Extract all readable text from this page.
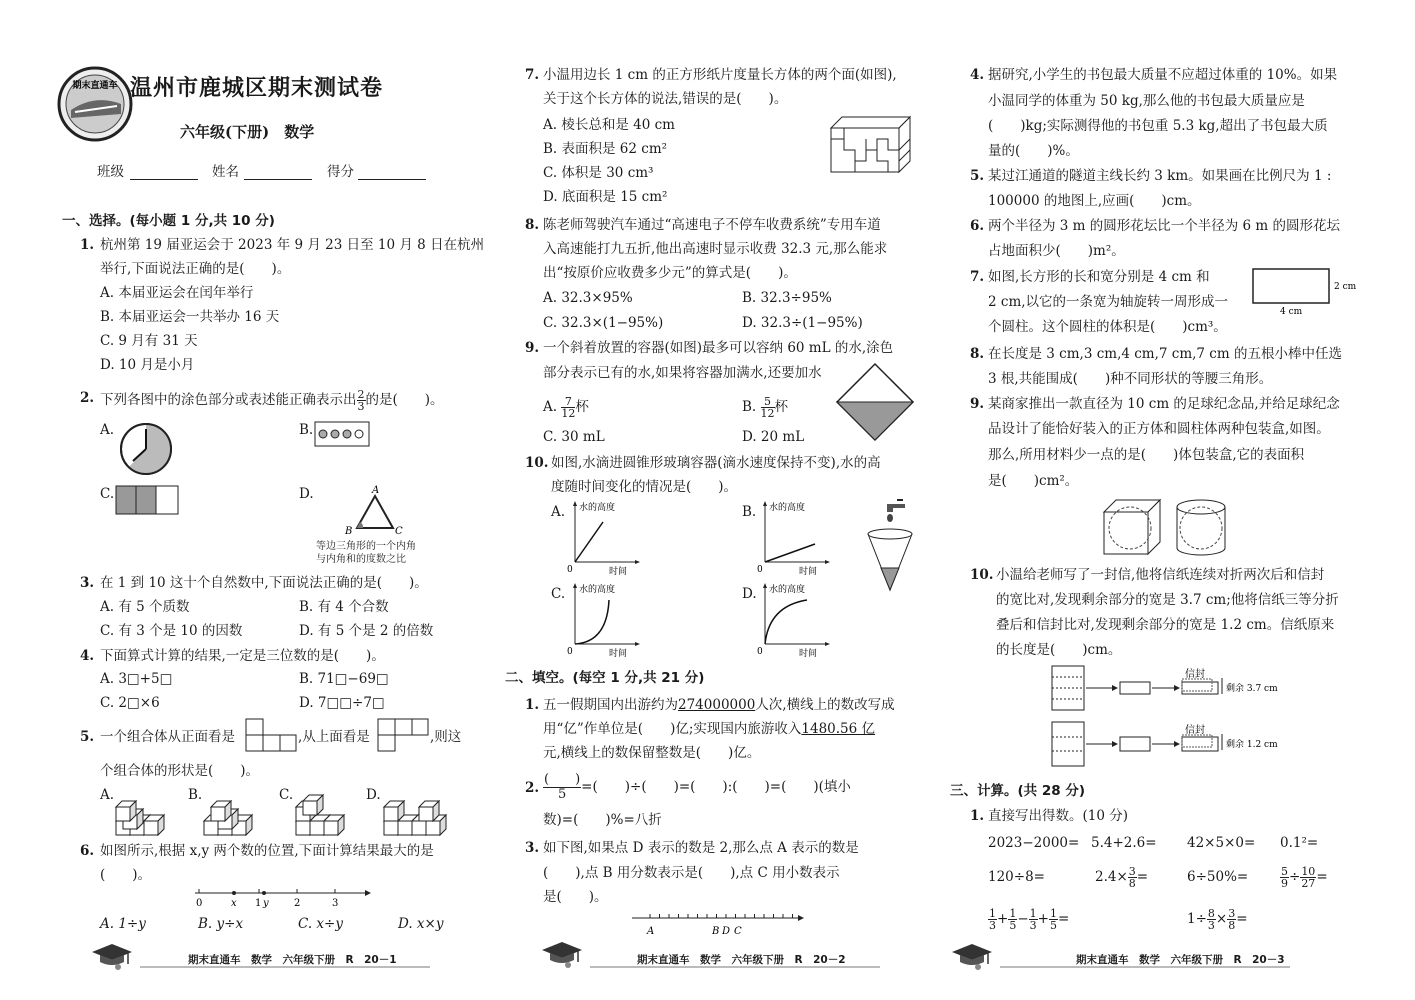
期末直通车 温州市鹿城区期末测试卷
六年级(下册)　数学
班级	姓名	得分
一、选择。(每小题 1 分,共 10 分)
1. 杭州第 19 届亚运会于 2023 年 9 月 23 日至 10 月 8 日在杭州
举行,下面说法正确的是(　　)。
A. 本届亚运会在闰年举行
B. 本届亚运会一共举办 16 天
C. 9 月有 31 天
D. 10 月是小月
2. 下列各图中的涂色部分或表述能正确表示出 $\frac{2}{3}$ 的是(　　)。
A.	B.
C.	D.	A
B	C
等边三角形的一个内角
与内角和的度数之比
3. 在 1 到 10 这十个自然数中,下面说法正确的是(　　)。
A. 有 5 个质数	B. 有 4 个合数
C. 有 3 个是 10 的因数	D. 有 5 个是 2 的倍数
4. 下面算式计算的结果,一定是三位数的是(　　)。
A. 3□+5□	B. 71□−69□
C. 2□×6	D. 7□□÷7□
5. 一个组合体从正面看是	,从上面看是	,则这
个组合体的形状是(　　)。
A.	B.	C.	D.
6. 如图所示,根据 x,y 两个数的位置,下面计算结果最大的是
(　　)。
0	x 1 y	2	3
A. 1÷y	B. y÷x	C. x÷y	D. x×y
期末直通车　数学　六年级下册　R　20－1
7. 小温用边长 1 cm 的正方形纸片度量长方体的两个面(如图),
关于这个长方体的说法,错误的是(　　)。
A. 棱长总和是 40 cm
B. 表面积是 62 cm²
C. 体积是 30 cm³
D. 底面积是 15 cm²
8. 陈老师驾驶汽车通过“高速电子不停车收费系统”专用车道
入高速能打九五折,他出高速时显示收费 32.3 元,那么能求
出“按原价应收费多少元”的算式是(　　)。
A. 32.3×95%	B. 32.3÷95%
C. 32.3×(1−95%)	D. 32.3÷(1−95%)
9. 一个斜着放置的容器(如图)最多可以容纳 60 mL 的水,涂色
部分表示已有的水,如果将容器加满水,还要加水
A. $\frac{7}{12}$ 杯	B. $\frac{5}{12}$ 杯
C. 30 mL	D. 20 mL
10. 如图,水滴进圆锥形玻璃容器(滴水速度保持不变),水的高
度随时间变化的情况是(　　)。
A.	B.
C.	D.
水的高度
时间
0
水的高度
时间
0
水的高度
时间
0
水的高度
时间
0
二、填空。(每空 1 分,共 21 分)
1. 五一假期国内出游约为274000000人次,横线上的数改写成
用“亿”作单位是(　　)亿;实现国内旅游收入1480.56 亿
元,横线上的数保留整数是(　　)亿。
2. $\frac{( )}{5}$ =(　　)÷(　　)=(　　):(　　)=(　　)(填小
数)=(　　)%=八折
3. 如下图,如果点 D 表示的数是 2,那么点 A 表示的数是
(　　),点 B 用分数表示是(　　),点 C 用小数表示
是(　　)。
A	B D C
期末直通车　数学　六年级下册　R　20－2
4. 据研究,小学生的书包最大质量不应超过体重的 10%。如果
小温同学的体重为 50 kg,那么他的书包最大质量应是
(　　)kg;实际测得他的书包重 5.3 kg,超出了书包最大质
量的(　　)%。
5. 某过江通道的隧道主线长约 3 km。如果画在比例尺为 1 :
100000 的地图上,应画(　　)cm。
6. 两个半径为 3 m 的圆形花坛比一个半径为 6 m 的圆形花坛
占地面积少(　　)m²。
7. 如图,长方形的长和宽分别是 4 cm 和
2 cm,以它的一条宽为轴旋转一周形成一
个圆柱。这个圆柱的体积是(　　)cm³。
2 cm
4 cm
8. 在长度是 3 cm,3 cm,4 cm,7 cm,7 cm 的五根小棒中任选
3 根,共能围成(　　)种不同形状的等腰三角形。
9. 某商家推出一款直径为 10 cm 的足球纪念品,并给足球纪念
品设计了能恰好装入的正方体和圆柱体两种包装盒,如图。
那么,所用材料少一点的是(　　)体包装盒,它的表面积
是(　　)cm²。
10. 小温给老师写了一封信,他将信纸连续对折两次后和信封
的宽比对,发现剩余部分的宽是 3.7 cm;他将信纸三等分折
叠后和信封比对,发现剩余部分的宽是 1.2 cm。信纸原来
的长度是(　　)cm。
信封
剩余 3.7 cm
信封
剩余 1.2 cm
三、计算。(共 28 分)
1. 直接写出得数。(10 分)
2023−2000= 5.4+2.6= 42×5×0= 0.1²=
120÷8=	$2.4\times \frac{3}{8}$ =	6÷50%=	$\frac{5}{9} \div \frac{10}{27}$ =
$\frac{1}{3} + \frac{1}{5} - \frac{1}{3} + \frac{1}{5}$ =	$1\div \frac{8}{3} \times \frac{3}{8}$ =
期末直通车　数学　六年级下册　R　20－3
